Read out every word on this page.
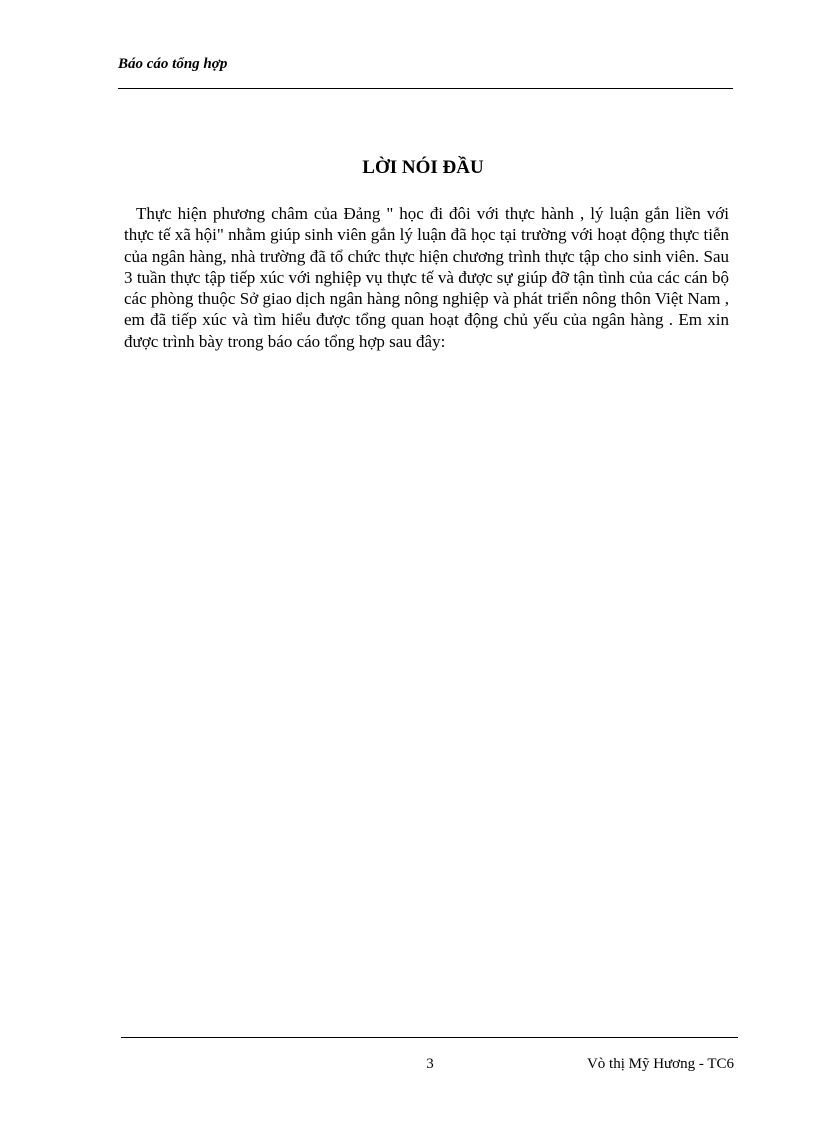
Báo cáo tổng hợp
LỜI NÓI ĐẦU

Thực hiện phương châm của Đảng " học đi đôi với thực hành , lý luận gắn liền với thực tế xã hội" nhằm giúp sinh viên gắn lý luận đã học tại trường với hoạt động thực tiễn của ngân hàng, nhà trường đã tổ chức thực hiện chương trình thực tập cho sinh viên. Sau 3 tuần thực tập tiếp xúc với nghiệp vụ thực tế và được sự giúp đỡ tận tình của các cán bộ các phòng thuộc Sở giao dịch ngân hàng nông nghiệp và phát triển nông thôn Việt Nam , em đã tiếp xúc và tìm hiểu được tổng quan hoạt động chủ yếu của ngân hàng . Em xin được trình bày trong báo cáo tổng hợp sau đây:

3	Vò thị Mỹ Hương - TC6
